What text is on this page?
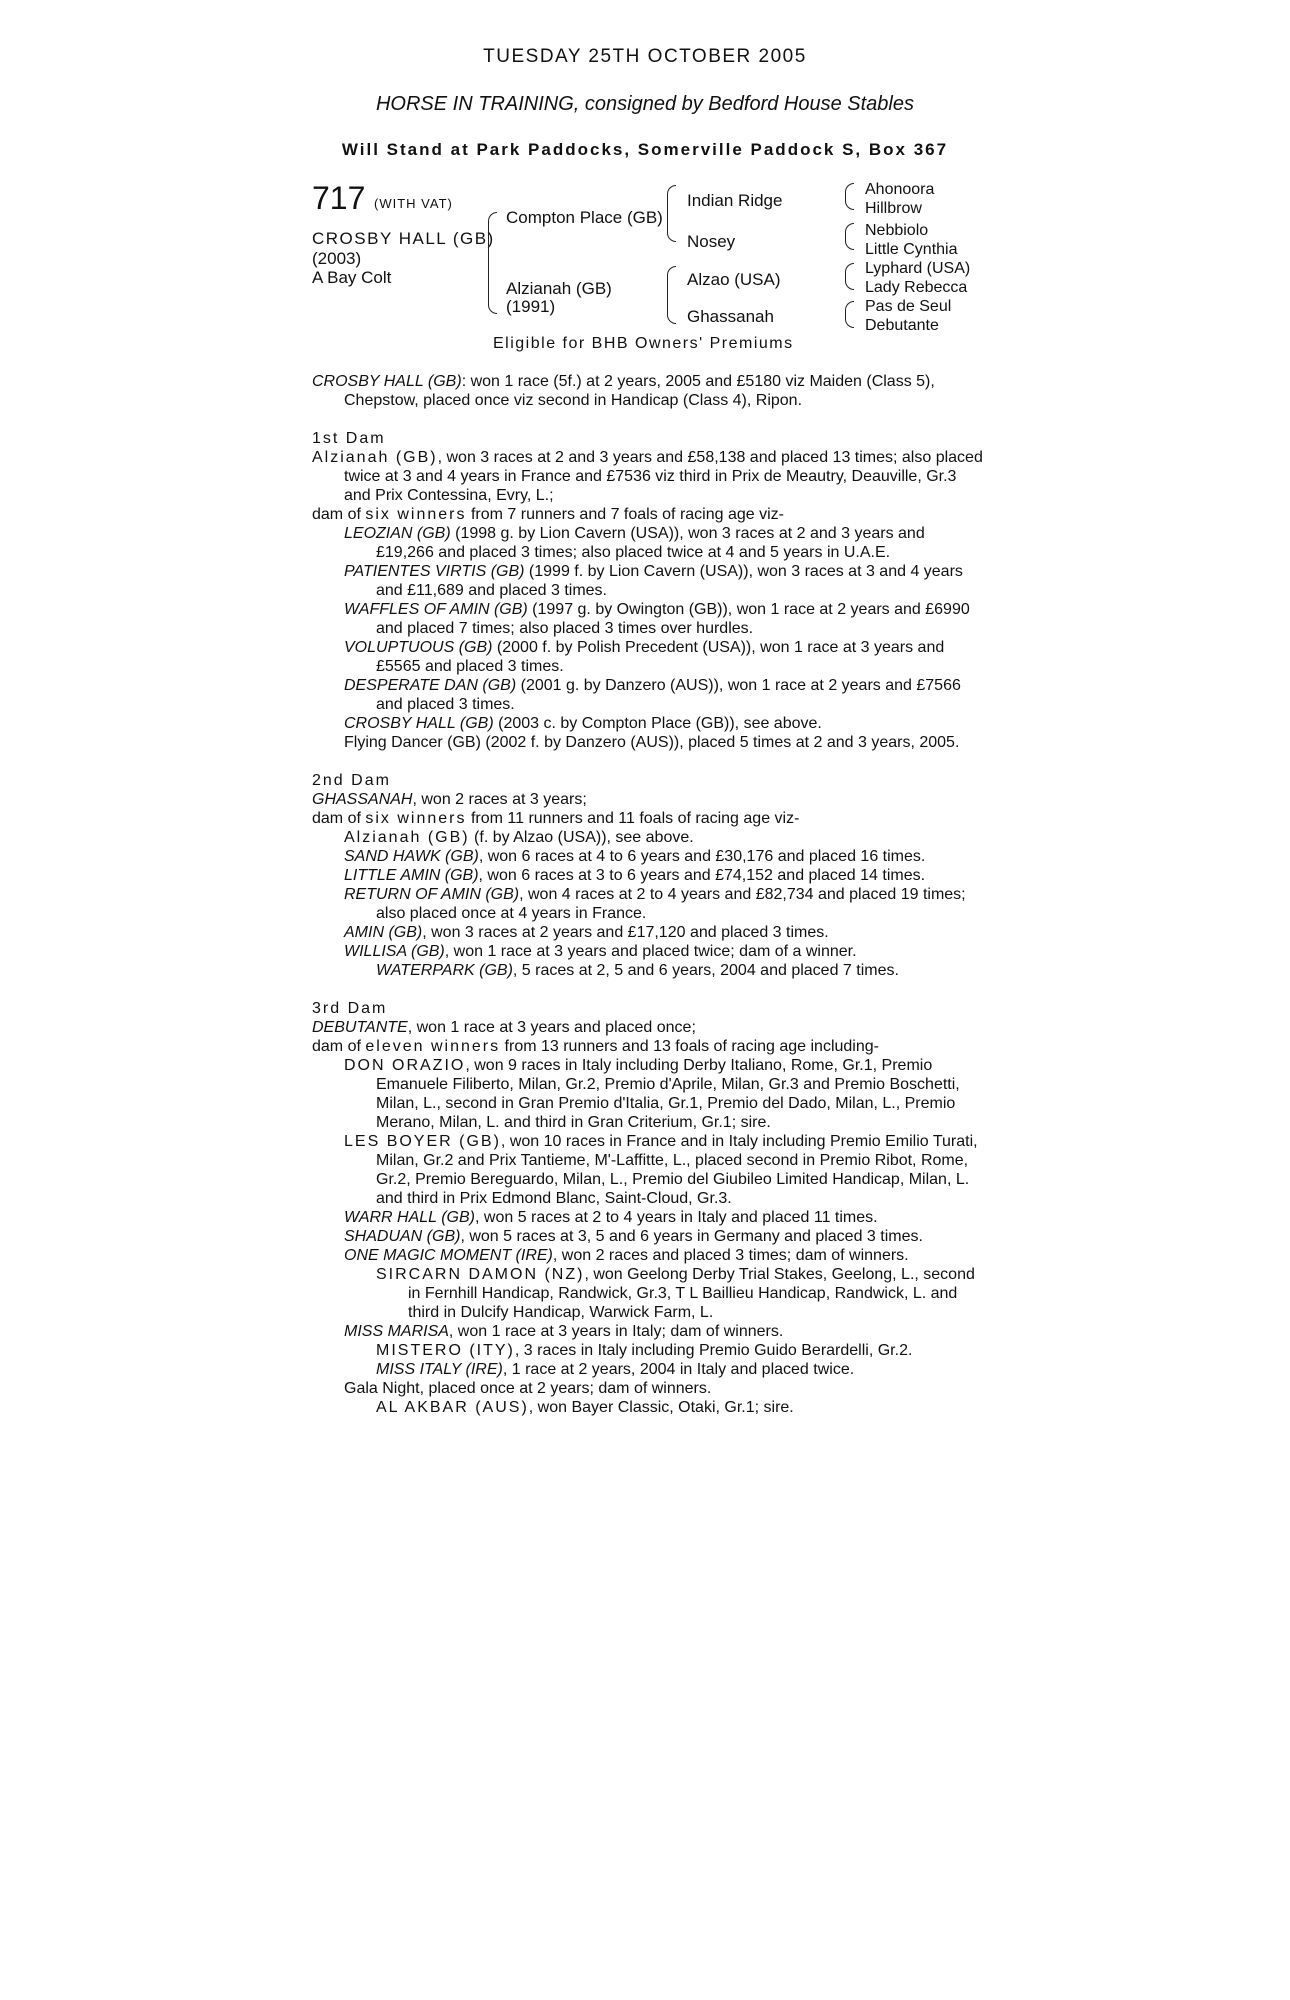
TUESDAY 25TH OCTOBER 2005
HORSE IN TRAINING, consigned by Bedford House Stables
Will Stand at Park Paddocks, Somerville Paddock S, Box 367
717 (WITH VAT)
CROSBY HALL (GB)
(2003)
A Bay Colt
Compton Place (GB)
Alzianah (GB)
(1991)
Indian Ridge
Nosey
Alzao (USA)
Ghassanah
Ahonoora
Hillbrow
Nebbiolo
Little Cynthia
Lyphard (USA)
Lady Rebecca
Pas de Seul
Debutante
Eligible for BHB Owners' Premiums

CROSBY HALL (GB): won 1 race (5f.) at 2 years, 2005 and £5180 viz Maiden (Class 5), Chepstow, placed once viz second in Handicap (Class 4), Ripon.

1st Dam

Alzianah (GB), won 3 races at 2 and 3 years and £58,138 and placed 13 times; also placed twice at 3 and 4 years in France and £7536 viz third in Prix de Meautry, Deauville, Gr.3 and Prix Contessina, Evry, L.;

dam of six winners from 7 runners and 7 foals of racing age viz-

LEOZIAN (GB) (1998 g. by Lion Cavern (USA)), won 3 races at 2 and 3 years and £19,266 and placed 3 times; also placed twice at 4 and 5 years in U.A.E.

PATIENTES VIRTIS (GB) (1999 f. by Lion Cavern (USA)), won 3 races at 3 and 4 years and £11,689 and placed 3 times.

WAFFLES OF AMIN (GB) (1997 g. by Owington (GB)), won 1 race at 2 years and £6990 and placed 7 times; also placed 3 times over hurdles.

VOLUPTUOUS (GB) (2000 f. by Polish Precedent (USA)), won 1 race at 3 years and £5565 and placed 3 times.

DESPERATE DAN (GB) (2001 g. by Danzero (AUS)), won 1 race at 2 years and £7566 and placed 3 times.

CROSBY HALL (GB) (2003 c. by Compton Place (GB)), see above.

Flying Dancer (GB) (2002 f. by Danzero (AUS)), placed 5 times at 2 and 3 years, 2005.

2nd Dam

GHASSANAH, won 2 races at 3 years;

dam of six winners from 11 runners and 11 foals of racing age viz-

Alzianah (GB) (f. by Alzao (USA)), see above.

SAND HAWK (GB), won 6 races at 4 to 6 years and £30,176 and placed 16 times.

LITTLE AMIN (GB), won 6 races at 3 to 6 years and £74,152 and placed 14 times.

RETURN OF AMIN (GB), won 4 races at 2 to 4 years and £82,734 and placed 19 times; also placed once at 4 years in France.

AMIN (GB), won 3 races at 2 years and £17,120 and placed 3 times.

WILLISA (GB), won 1 race at 3 years and placed twice; dam of a winner.

WATERPARK (GB), 5 races at 2, 5 and 6 years, 2004 and placed 7 times.

3rd Dam

DEBUTANTE, won 1 race at 3 years and placed once;

dam of eleven winners from 13 runners and 13 foals of racing age including-

DON ORAZIO, won 9 races in Italy including Derby Italiano, Rome, Gr.1, Premio Emanuele Filiberto, Milan, Gr.2, Premio d'Aprile, Milan, Gr.3 and Premio Boschetti, Milan, L., second in Gran Premio d'Italia, Gr.1, Premio del Dado, Milan, L., Premio Merano, Milan, L. and third in Gran Criterium, Gr.1; sire.

LES BOYER (GB), won 10 races in France and in Italy including Premio Emilio Turati, Milan, Gr.2 and Prix Tantieme, M'-Laffitte, L., placed second in Premio Ribot, Rome, Gr.2, Premio Bereguardo, Milan, L., Premio del Giubileo Limited Handicap, Milan, L. and third in Prix Edmond Blanc, Saint-Cloud, Gr.3.

WARR HALL (GB), won 5 races at 2 to 4 years in Italy and placed 11 times.

SHADUAN (GB), won 5 races at 3, 5 and 6 years in Germany and placed 3 times.

ONE MAGIC MOMENT (IRE), won 2 races and placed 3 times; dam of winners.

SIRCARN DAMON (NZ), won Geelong Derby Trial Stakes, Geelong, L., second in Fernhill Handicap, Randwick, Gr.3, T L Baillieu Handicap, Randwick, L. and third in Dulcify Handicap, Warwick Farm, L.

MISS MARISA, won 1 race at 3 years in Italy; dam of winners.

MISTERO (ITY), 3 races in Italy including Premio Guido Berardelli, Gr.2.

MISS ITALY (IRE), 1 race at 2 years, 2004 in Italy and placed twice.

Gala Night, placed once at 2 years; dam of winners.

AL AKBAR (AUS), won Bayer Classic, Otaki, Gr.1; sire.
